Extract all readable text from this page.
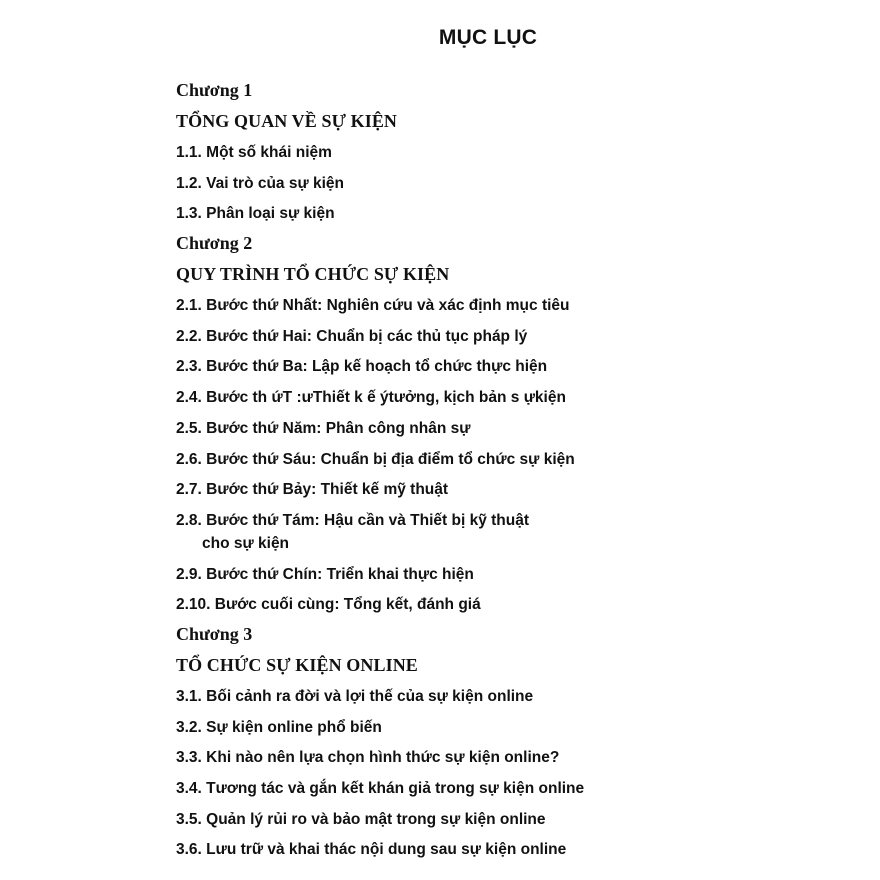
MỤC LỤC
Chương 1
TỔNG QUAN VỀ SỰ KIỆN
1.1. Một số khái niệm
1.2. Vai trò của sự kiện
1.3. Phân loại sự kiện
Chương 2
QUY TRÌNH TỔ CHỨC SỰ KIỆN
2.1. Bước thứ Nhất: Nghiên cứu và xác định mục tiêu
2.2. Bước thứ Hai: Chuẩn bị các thủ tục pháp lý
2.3. Bước thứ Ba: Lập kế hoạch tổ chức thực hiện
2.4. Bước th ứT :ưThiết k ế ýtưởng, kịch bản s ựkiện
2.5. Bước thứ Năm: Phân công nhân sự
2.6. Bước thứ Sáu: Chuẩn bị địa điểm tổ chức sự kiện
2.7. Bước thứ Bảy: Thiết kế mỹ thuật
2.8. Bước thứ Tám: Hậu cần và Thiết bị kỹ thuật
cho sự kiện
2.9. Bước thứ Chín: Triển khai thực hiện
2.10. Bước cuối cùng: Tổng kết, đánh giá
Chương 3
TỔ CHỨC SỰ KIỆN ONLINE
3.1. Bối cảnh ra đời và lợi thế của sự kiện online
3.2. Sự kiện online phổ biến
3.3. Khi nào nên lựa chọn hình thức sự kiện online?
3.4. Tương tác và gắn kết khán giả trong sự kiện online
3.5. Quản lý rủi ro và bảo mật trong sự kiện online
3.6. Lưu trữ và khai thác nội dung sau sự kiện online
